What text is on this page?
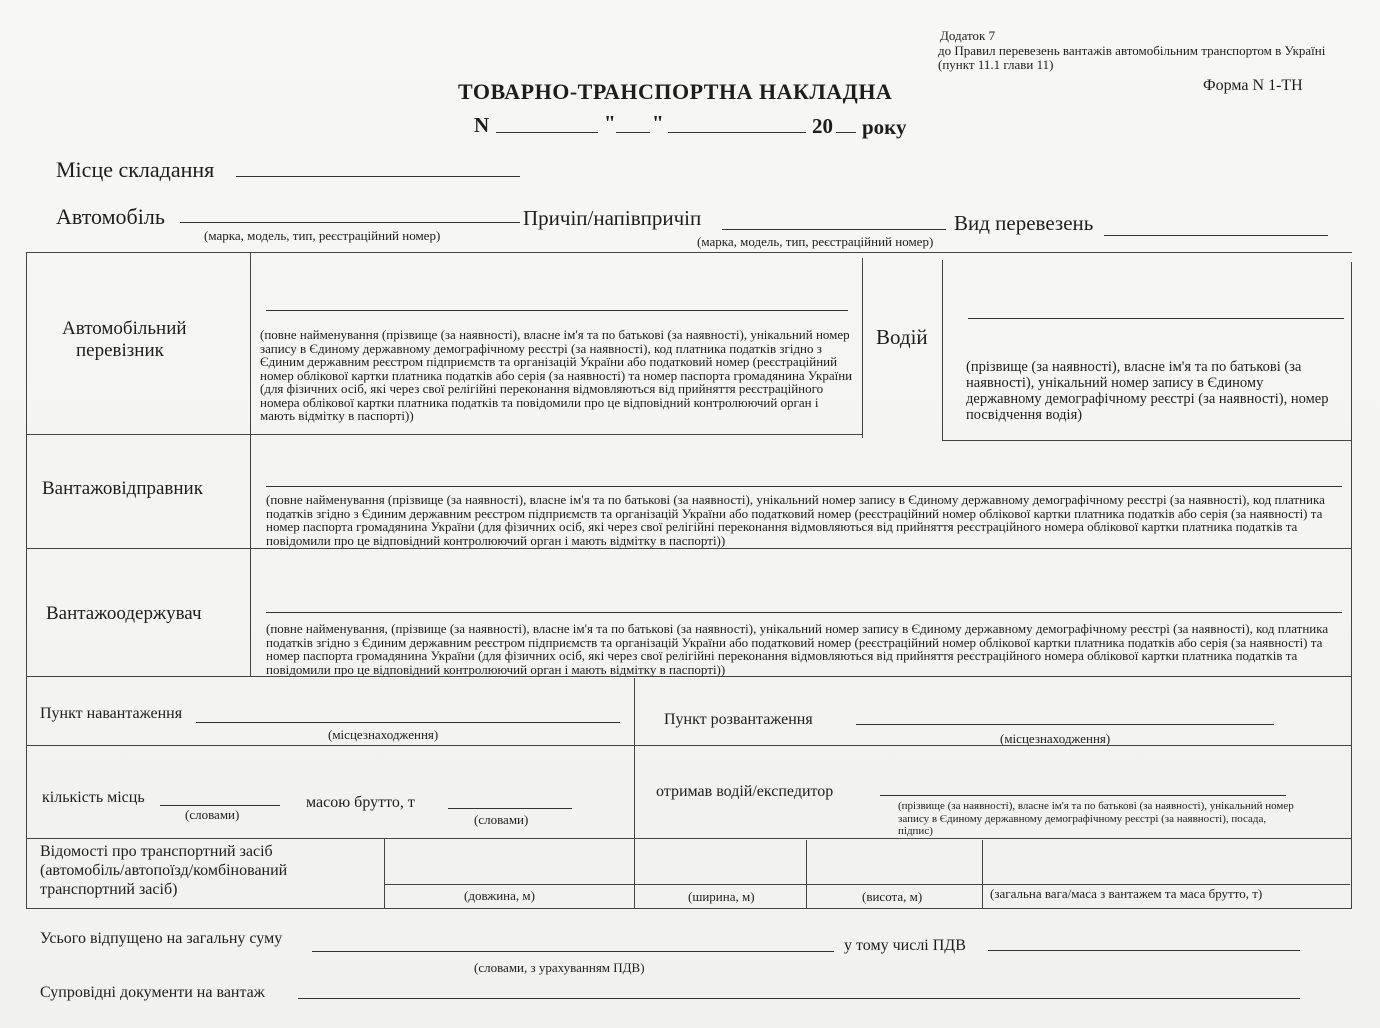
Додаток 7
до Правил перевезень вантажів автомобільним транспортом в Україні
(пункт 11.1 глави 11)
Форма N 1-ТН
ТОВАРНО-ТРАНСПОРТНА НАКЛАДНА
N	" "	20 року
Місце складання
Автомобіль
(марка, модель, тип, реєстраційний номер)
Причіп/напівпричіп
(марка, модель, тип, реєстраційний номер)
Вид перевезень
Автомобільний
перевізник
(повне найменування (прізвище (за наявності), власне ім'я та по батькові (за наявності), унікальний номер запису в Єдиному державному демографічному реєстрі (за наявності), код платника податків згідно з Єдиним державним реєстром підприємств та організацій України або податковий номер (реєстраційний номер облікової картки платника податків або серія (за наявності) та номер паспорта громадянина України (для фізичних осіб, які через свої релігійні переконання відмовляються від прийняття реєстраційного номера облікової картки платника податків та повідомили про це відповідний контролюючий орган і мають відмітку в паспорті))
Водій
(прізвище (за наявності), власне ім'я та по батькові (за наявності), унікальний номер запису в Єдиному державному демографічному реєстрі (за наявності), номер посвідчення водія)
Вантажовідправник
(повне найменування (прізвище (за наявності), власне ім'я та по батькові (за наявності), унікальний номер запису в Єдиному державному демографічному реєстрі (за наявності), код платника податків згідно з Єдиним державним реєстром підприємств та організацій України або податковий номер (реєстраційний номер облікової картки платника податків або серія (за наявності) та номер паспорта громадянина України (для фізичних осіб, які через свої релігійні переконання відмовляються від прийняття реєстраційного номера облікової картки платника податків та повідомили про це відповідний контролюючий орган і мають відмітку в паспорті))
Вантажоодержувач
(повне найменування, (прізвище (за наявності), власне ім'я та по батькові (за наявності), унікальний номер запису в Єдиному державному демографічному реєстрі (за наявності), код платника податків згідно з Єдиним державним реєстром підприємств та організацій України або податковий номер (реєстраційний номер облікової картки платника податків або серія (за наявності) та номер паспорта громадянина України (для фізичних осіб, які через свої релігійні переконання відмовляються від прийняття реєстраційного номера облікової картки платника податків та повідомили про це відповідний контролюючий орган і мають відмітку в паспорті))
Пункт навантаження
(місцезнаходження)
Пункт розвантаження
(місцезнаходження)
кількість місць
(словами)
масою брутто, т
(словами)
отримав водій/експедитор
(прізвище (за наявності), власне ім'я та по батькові (за наявності), унікальний номер запису в Єдиному державному демографічному реєстрі (за наявності), посада, підпис)
Відомості про транспортний засіб (автомобіль/автопоїзд/комбінований транспортний засіб)	(довжина, м)	(ширина, м)	(висота, м)	(загальна вага/маса з вантажем та маса брутто, т)
Усього відпущено на загальну суму
(словами, з урахуванням ПДВ)
у тому числі ПДВ
Супровідні документи на вантаж
